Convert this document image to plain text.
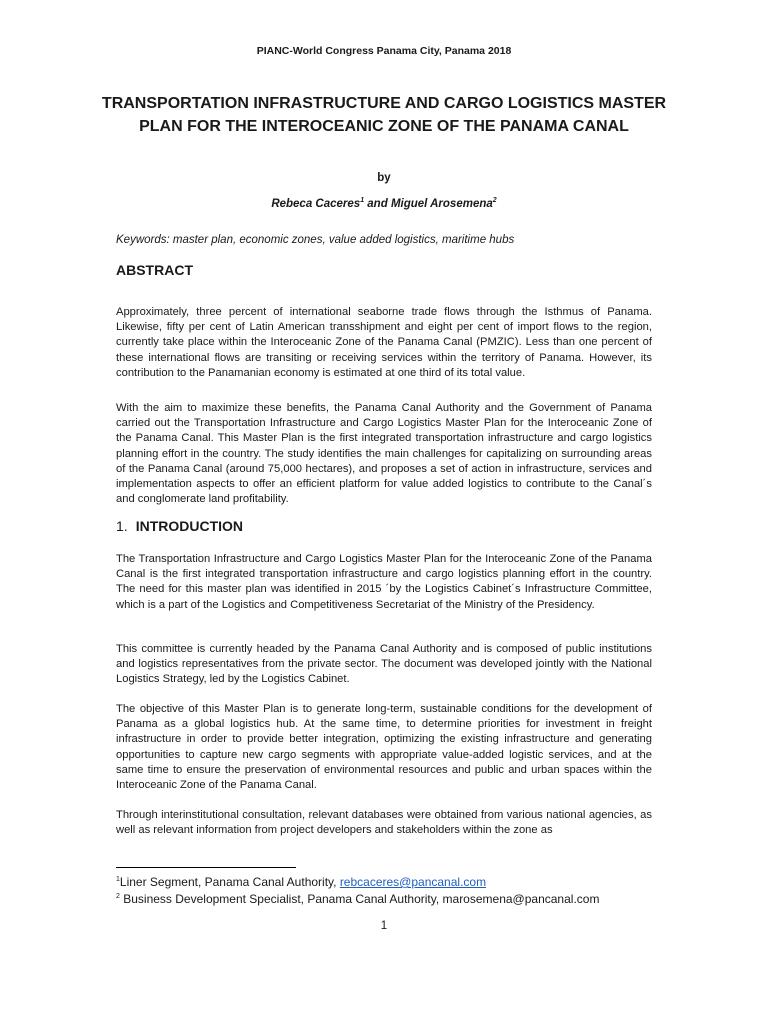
PIANC-World Congress Panama City, Panama 2018
TRANSPORTATION INFRASTRUCTURE AND CARGO LOGISTICS MASTER PLAN FOR THE INTEROCEANIC ZONE OF THE PANAMA CANAL
by
Rebeca Caceres$^1$ and Miguel Arosemena$^2$
Keywords: master plan, economic zones, value added logistics, maritime hubs
ABSTRACT
Approximately, three percent of international seaborne trade flows through the Isthmus of Panama. Likewise, fifty per cent of Latin American transshipment and eight per cent of import flows to the region, currently take place within the Interoceanic Zone of the Panama Canal (PMZIC). Less than one percent of these international flows are transiting or receiving services within the territory of Panama. However, its contribution to the Panamanian economy is estimated at one third of its total value.
With the aim to maximize these benefits, the Panama Canal Authority and the Government of Panama carried out the Transportation Infrastructure and Cargo Logistics Master Plan for the Interoceanic Zone of the Panama Canal. This Master Plan is the first integrated transportation infrastructure and cargo logistics planning effort in the country. The study identifies the main challenges for capitalizing on surrounding areas of the Panama Canal (around 75,000 hectares), and proposes a set of action in infrastructure, services and implementation aspects to offer an efficient platform for value added logistics to contribute to the Canal´s and conglomerate land profitability.
1. INTRODUCTION
The Transportation Infrastructure and Cargo Logistics Master Plan for the Interoceanic Zone of the Panama Canal is the first integrated transportation infrastructure and cargo logistics planning effort in the country. The need for this master plan was identified in 2015 ´by the Logistics Cabinet´s Infrastructure Committee, which is a part of the Logistics and Competitiveness Secretariat of the Ministry of the Presidency.
This committee is currently headed by the Panama Canal Authority and is composed of public institutions and logistics representatives from the private sector. The document was developed jointly with the National Logistics Strategy, led by the Logistics Cabinet.
The objective of this Master Plan is to generate long-term, sustainable conditions for the development of Panama as a global logistics hub. At the same time, to determine priorities for investment in freight infrastructure in order to provide better integration, optimizing the existing infrastructure and generating opportunities to capture new cargo segments with appropriate value-added logistic services, and at the same time to ensure the preservation of environmental resources and public and urban spaces within the Interoceanic Zone of the Panama Canal.
Through interinstitutional consultation, relevant databases were obtained from various national agencies, as well as relevant information from project developers and stakeholders within the zone as
$^1$Liner Segment, Panama Canal Authority, rebcaceres@pancanal.com
$^2$ Business Development Specialist, Panama Canal Authority, marosemena@pancanal.com
1
